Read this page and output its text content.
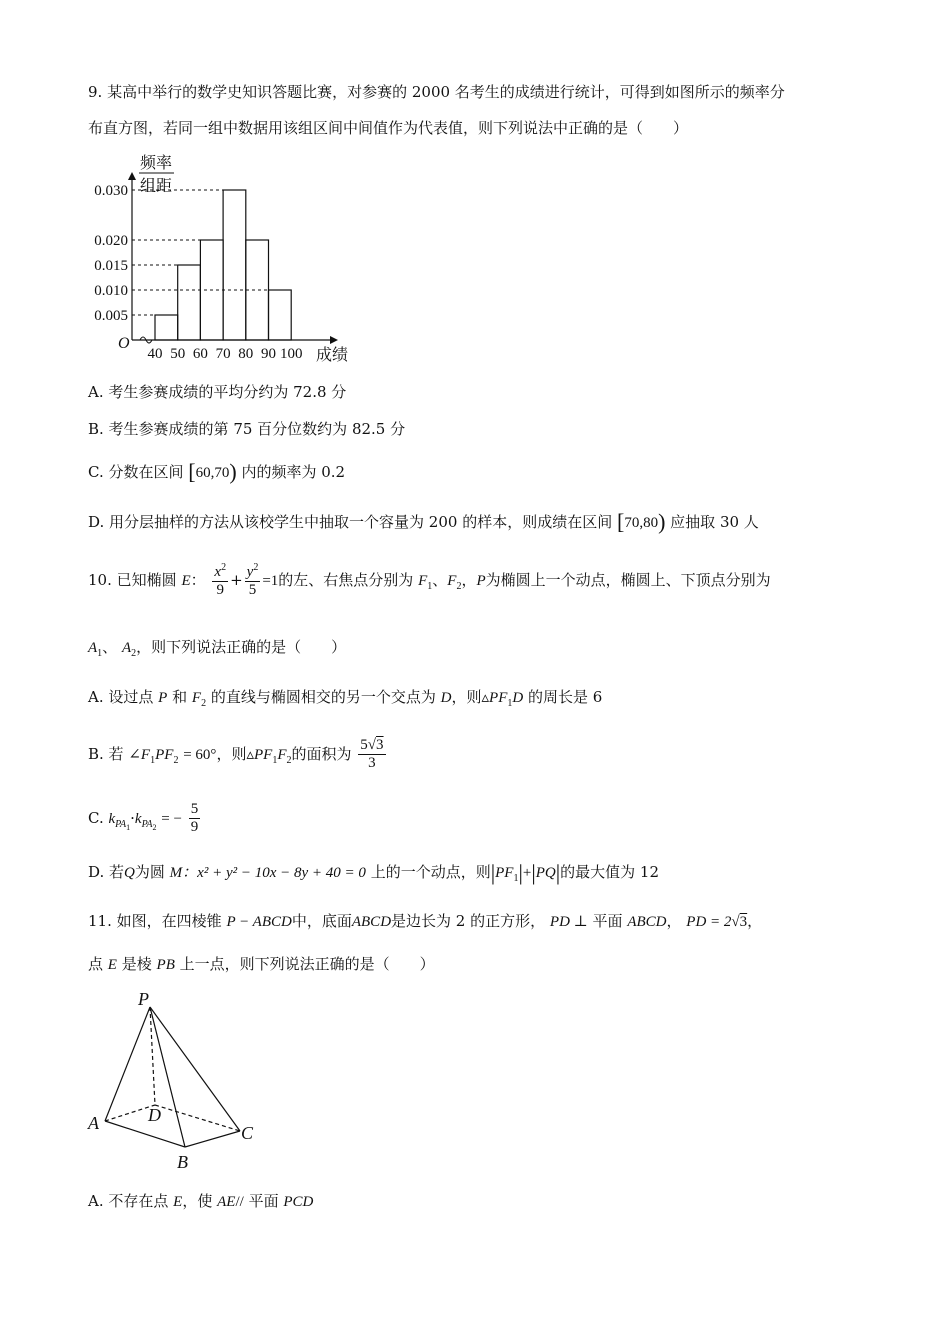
9. 某高中举行的数学史知识答题比赛，对参赛的 2000 名考生的成绩进行统计，可得到如图所示的频率分
布直方图，若同一组中数据用该组区间中间值作为代表值，则下列说法中正确的是（　　）
0.005
0.010
0.015
0.020
0.030
40 50 60 70 80 90 100
O
成绩
频率
组距
A. 考生参赛成绩的平均分约为 72.8 分
B. 考生参赛成绩的第 75 百分位数约为 82.5 分
C. 分数在区间 [60,70) 内的频率为 0.2
D. 用分层抽样的方法从该校学生中抽取一个容量为 200 的样本，则成绩在区间 [70,80) 应抽取 30 人
10. 已知椭圆 E： $\frac{x^2}{9} + \frac{y^2}{5} =1$的左、右焦点分别为 $F_1$、$F_2$，P为椭圆上一个动点，椭圆上、下顶点分别为
$A_1$、 $A_2$，则下列说法正确的是（　　）
A. 设过点 P 和 $F_2$ 的直线与椭圆相交的另一个交点为 D，则$▵PF_1D$ 的周长是 6
B. 若 $\angle F_1PF_2 = 60^\circ$，则$▵PF_1F_2$的面积为 $\frac{5√3}{3}$
C. $k_{PA_1}\cdot k_{PA_2}$ = − $\frac{5}{9}$
D. 若Q为圆 M：x² + y² − 10x − 8y + 40 = 0 上的一个动点，则$|PF_1|+|PQ|$的最大值为 12
11. 如图，在四棱锥 P − ABCD中，底面ABCD是边长为 2 的正方形， PD ⊥ 平面 ABCD， PD = 2√3，
点 E 是棱 PB 上一点，则下列说法正确的是（　　）
P
A
B
C
D
A. 不存在点 E，使 AE// 平面 PCD
